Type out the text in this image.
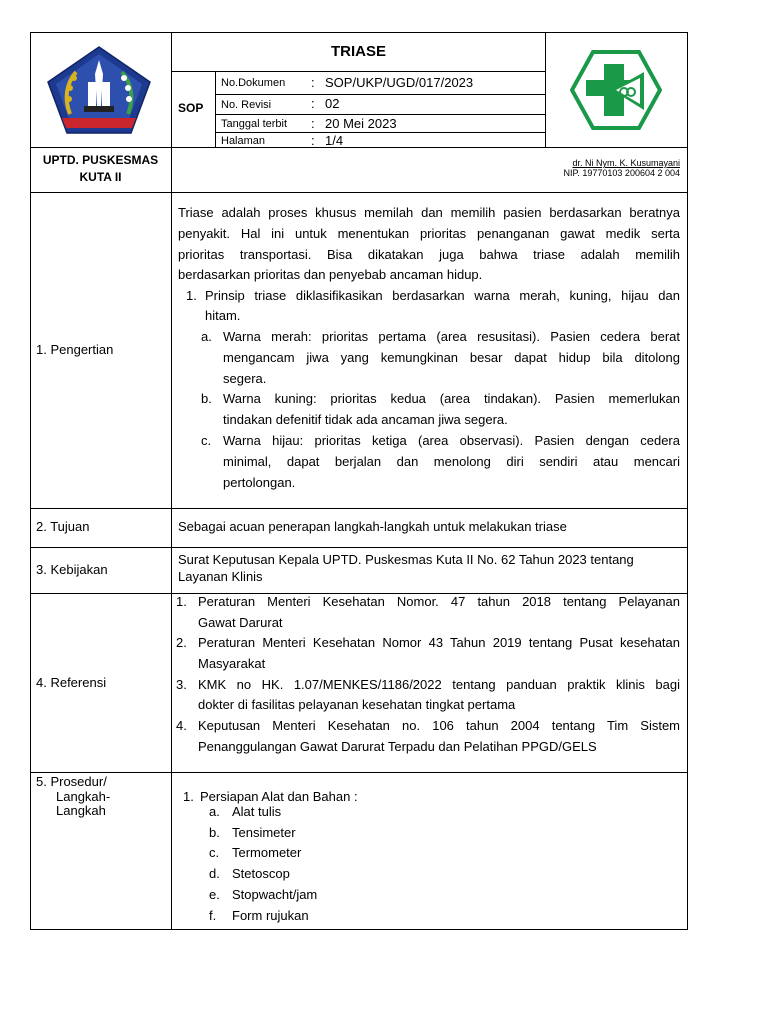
TRIASE
SOP
No.Dokumen : SOP/UKP/UGD/017/2023
No. Revisi	: 02
Tanggal terbit : 20 Mei 2023
Halaman	: 1/4
UPTD. PUSKESMAS
KUTA II
dr. Ni Nym. K. Kusumayani
NIP. 19770103 200604 2 004
1. Pengertian
Triase adalah proses khusus memilah dan memilih pasien berdasarkan beratnya
penyakit. Hal ini untuk menentukan prioritas penanganan gawat medik serta
prioritas transportasi. Bisa dikatakan juga bahwa triase adalah memilih
berdasarkan prioritas dan penyebab ancaman hidup.
1. Prinsip triase diklasifikasikan berdasarkan warna merah, kuning, hijau dan
hitam.
a. Warna merah: prioritas pertama (area resusitasi). Pasien cedera berat
mengancam jiwa yang kemungkinan besar dapat hidup bila ditolong
segera.
b. Warna kuning: prioritas kedua (area tindakan). Pasien memerlukan
tindakan defenitif tidak ada ancaman jiwa segera.
c. Warna hijau: prioritas ketiga (area observasi). Pasien dengan cedera
minimal, dapat berjalan dan menolong diri sendiri atau mencari
pertolongan.
2. Tujuan	Sebagai acuan penerapan langkah-langkah untuk melakukan triase
3. Kebijakan
Surat Keputusan Kepala UPTD. Puskesmas Kuta II No. 62 Tahun 2023 tentang
Layanan Klinis
4. Referensi
1. Peraturan Menteri Kesehatan Nomor. 47 tahun 2018 tentang Pelayanan
Gawat Darurat
2. Peraturan Menteri Kesehatan Nomor 43 Tahun 2019 tentang Pusat kesehatan
Masyarakat
3. KMK no HK. 1.07/MENKES/1186/2022 tentang panduan praktik klinis bagi
dokter di fasilitas pelayanan kesehatan tingkat pertama
4. Keputusan Menteri Kesehatan no. 106 tahun 2004 tentang Tim Sistem
Penanggulangan Gawat Darurat Terpadu dan Pelatihan PPGD/GELS
5. Prosedur/
Langkah-
Langkah
1. Persiapan Alat dan Bahan :
a. Alat tulis
b. Tensimeter
c. Termometer
d. Stetoscop
e. Stopwacht/jam
f. Form rujukan
